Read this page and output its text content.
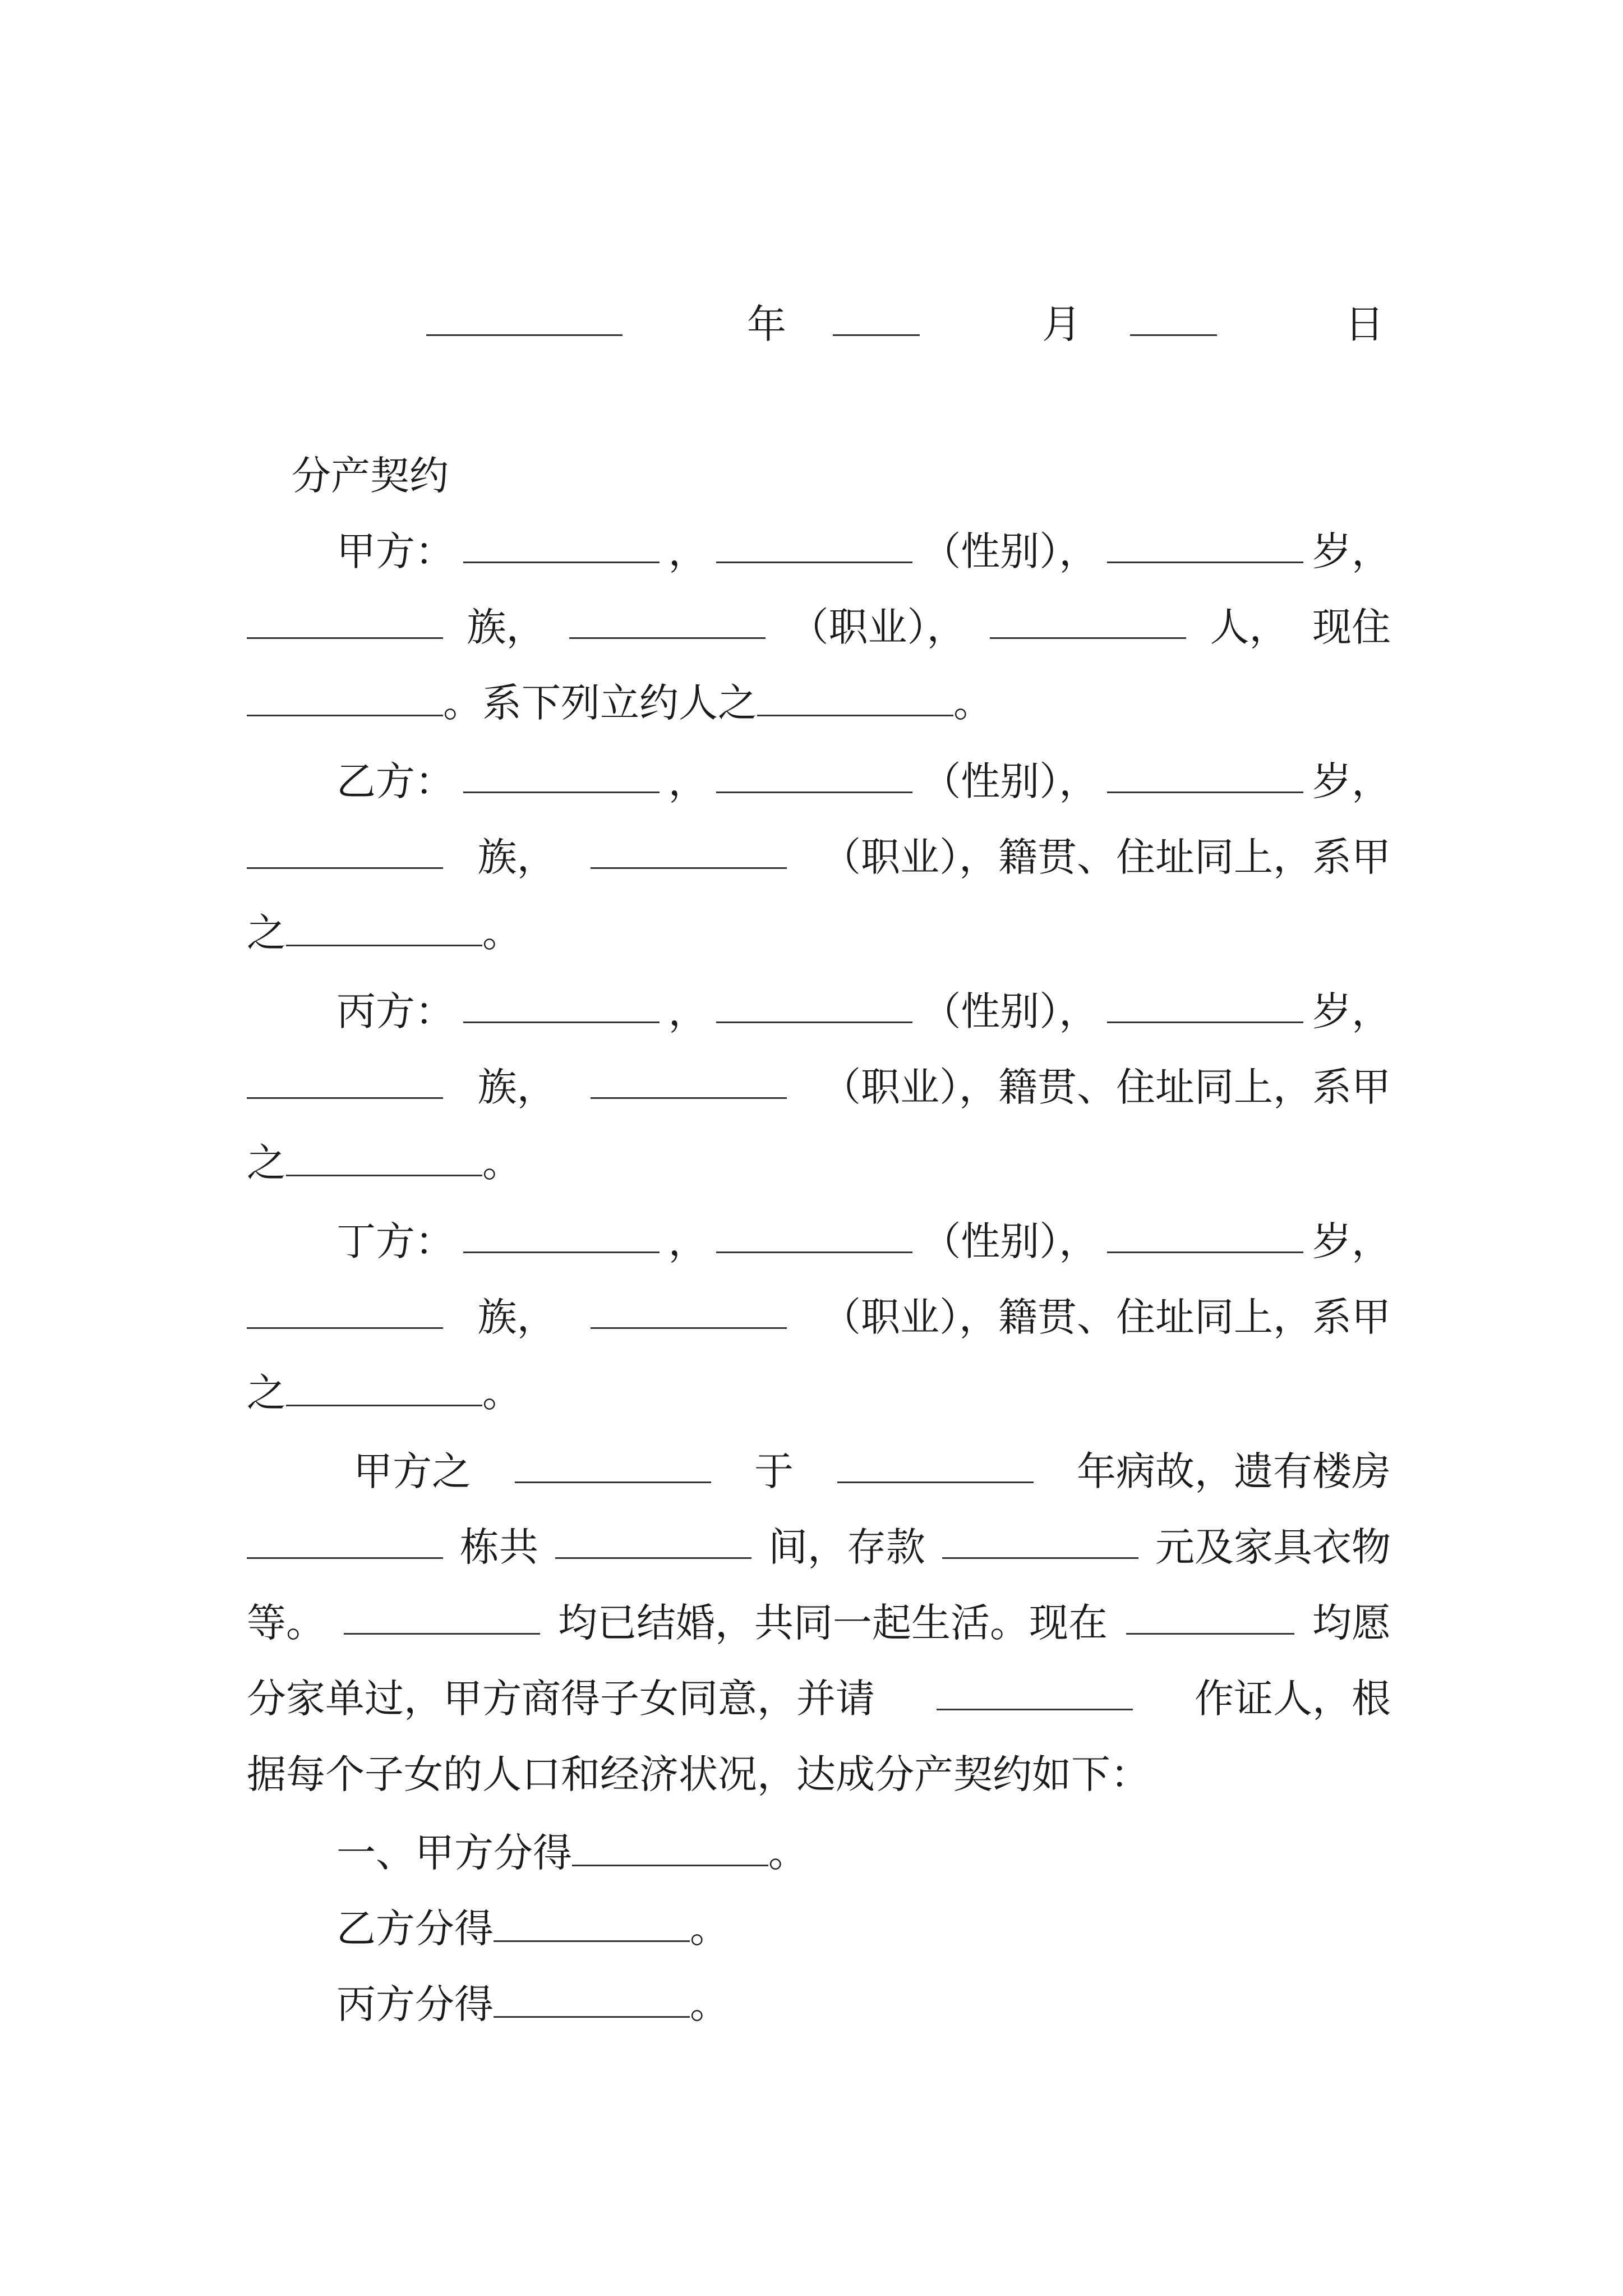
年	月	日
分产契约
甲方：	，	（性别），	岁，
族，	（职业），	人， 现住
。系下列立约人之	。
乙方：	，	（性别），	岁，
族，	（职业），籍贯、住址同上，系甲
之	。
丙方：	，	（性别），	岁，
族，	（职业），籍贯、住址同上，系甲
之	。
丁方：	，	（性别），	岁，
族，	（职业），籍贯、住址同上，系甲
之	。
甲方之	于	年病故，遗有楼房
栋共	间，存款	元及家具衣物
等。	均已结婚，共同一起生活。现在	均愿
分家单过，甲方商得子女同意，并请	作证人，根
据每个子女的人口和经济状况，达成分产契约如下：
一、甲方分得	。
乙方分得	。
丙方分得	。
